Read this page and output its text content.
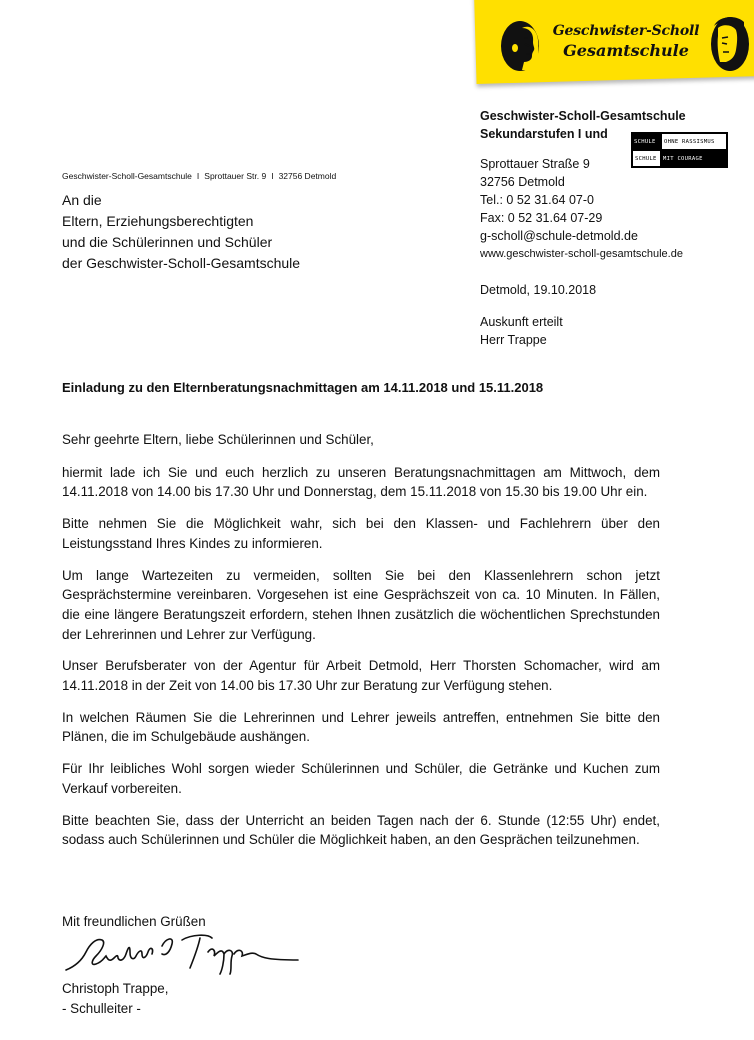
Geschwister-Scholl
Gesamtschule
Geschwister-Scholl-Gesamtschule
Sekundarstufen I und
Sprottauer Straße 9
32756 Detmold
Tel.: 0 52 31.64 07-0
Fax: 0 52 31.64 07-29
g-scholl@schule-detmold.de
www.geschwister-scholl-gesamtschule.de
Detmold, 19.10.2018
Auskunft erteilt
Herr Trappe
SCHULE	OHNE RASSISMUS
SCHULE	MIT COURAGE
Geschwister-Scholl-Gesamtschule I Sprottauer Str. 9 I 32756 Detmold
An die
Eltern, Erziehungsberechtigten
und die Schülerinnen und Schüler
der Geschwister-Scholl-Gesamtschule
Einladung zu den Elternberatungsnachmittagen am 14.11.2018 und 15.11.2018

Sehr geehrte Eltern, liebe Schülerinnen und Schüler,

hiermit lade ich Sie und euch herzlich zu unseren Beratungsnachmittagen am Mittwoch, dem 14.11.2018 von 14.00 bis 17.30 Uhr und Donnerstag, dem 15.11.2018 von 15.30 bis 19.00 Uhr ein.

Bitte nehmen Sie die Möglichkeit wahr, sich bei den Klassen- und Fachlehrern über den Leistungsstand Ihres Kindes zu informieren.

Um lange Wartezeiten zu vermeiden, sollten Sie bei den Klassenlehrern schon jetzt Gesprächstermine vereinbaren. Vorgesehen ist eine Gesprächszeit von ca. 10 Minuten. In Fällen, die eine längere Beratungszeit erfordern, stehen Ihnen zusätzlich die wöchentlichen Sprechstunden der Lehrerinnen und Lehrer zur Verfügung.

Unser Berufsberater von der Agentur für Arbeit Detmold, Herr Thorsten Schomacher, wird am 14.11.2018 in der Zeit von 14.00 bis 17.30 Uhr zur Beratung zur Verfügung stehen.

In welchen Räumen Sie die Lehrerinnen und Lehrer jeweils antreffen, entnehmen Sie bitte den Plänen, die im Schulgebäude aushängen.

Für Ihr leibliches Wohl sorgen wieder Schülerinnen und Schüler, die Getränke und Kuchen zum Verkauf vorbereiten.

Bitte beachten Sie, dass der Unterricht an beiden Tagen nach der 6. Stunde (12:55 Uhr) endet, sodass auch Schülerinnen und Schüler die Möglichkeit haben, an den Gesprächen teilzunehmen.

Mit freundlichen Grüßen
Christoph Trappe,
- Schulleiter -
